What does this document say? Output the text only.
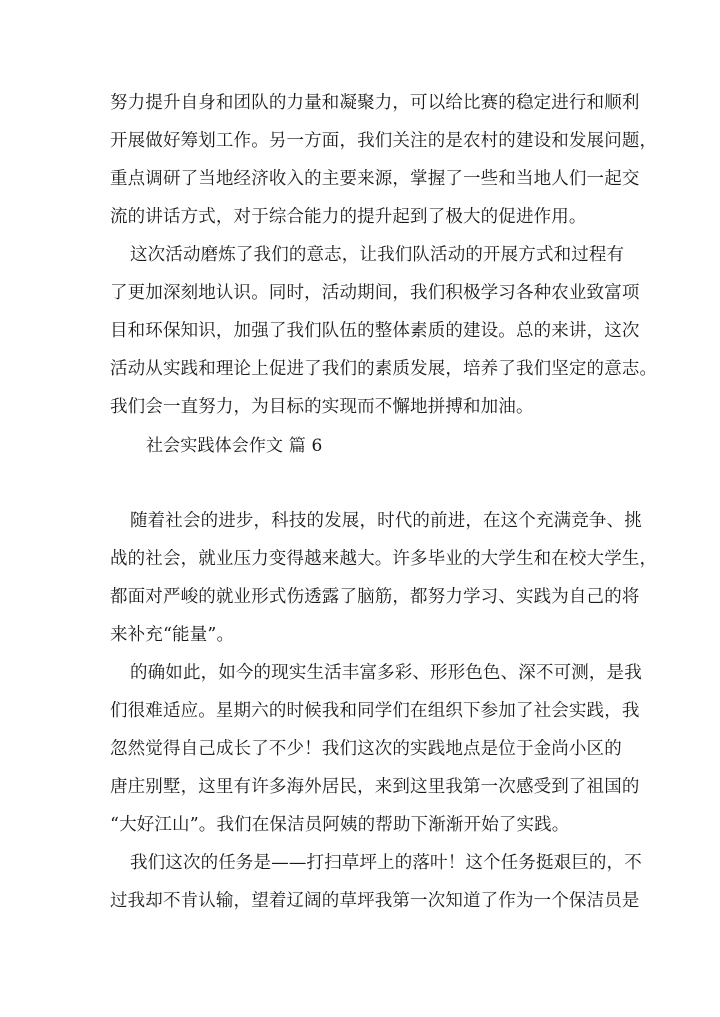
努力提升自身和团队的力量和凝聚力，可以给比赛的稳定进行和顺利
开展做好筹划工作。另一方面，我们关注的是农村的建设和发展问题，
重点调研了当地经济收入的主要来源，掌握了一些和当地人们一起交
流的讲话方式，对于综合能力的提升起到了极大的促进作用。
这次活动磨炼了我们的意志，让我们队活动的开展方式和过程有
了更加深刻地认识。同时，活动期间，我们积极学习各种农业致富项
目和环保知识，加强了我们队伍的整体素质的建设。总的来讲，这次
活动从实践和理论上促进了我们的素质发展，培养了我们坚定的意志。
我们会一直努力，为目标的实现而不懈地拼搏和加油。
社会实践体会作文 篇 6
随着社会的进步，科技的发展，时代的前进，在这个充满竞争、挑
战的社会，就业压力变得越来越大。许多毕业的大学生和在校大学生，
都面对严峻的就业形式伤透露了脑筋，都努力学习、实践为自己的将
来补充“能量”。
的确如此，如今的现实生活丰富多彩、形形色色、深不可测，是我
们很难适应。星期六的时候我和同学们在组织下参加了社会实践，我
忽然觉得自己成长了不少！我们这次的实践地点是位于金尚小区的
唐庄别墅，这里有许多海外居民，来到这里我第一次感受到了祖国的
“大好江山”。我们在保洁员阿姨的帮助下渐渐开始了实践。
我们这次的任务是——打扫草坪上的落叶！这个任务挺艰巨的，不
过我却不肯认输，望着辽阔的草坪我第一次知道了作为一个保洁员是
